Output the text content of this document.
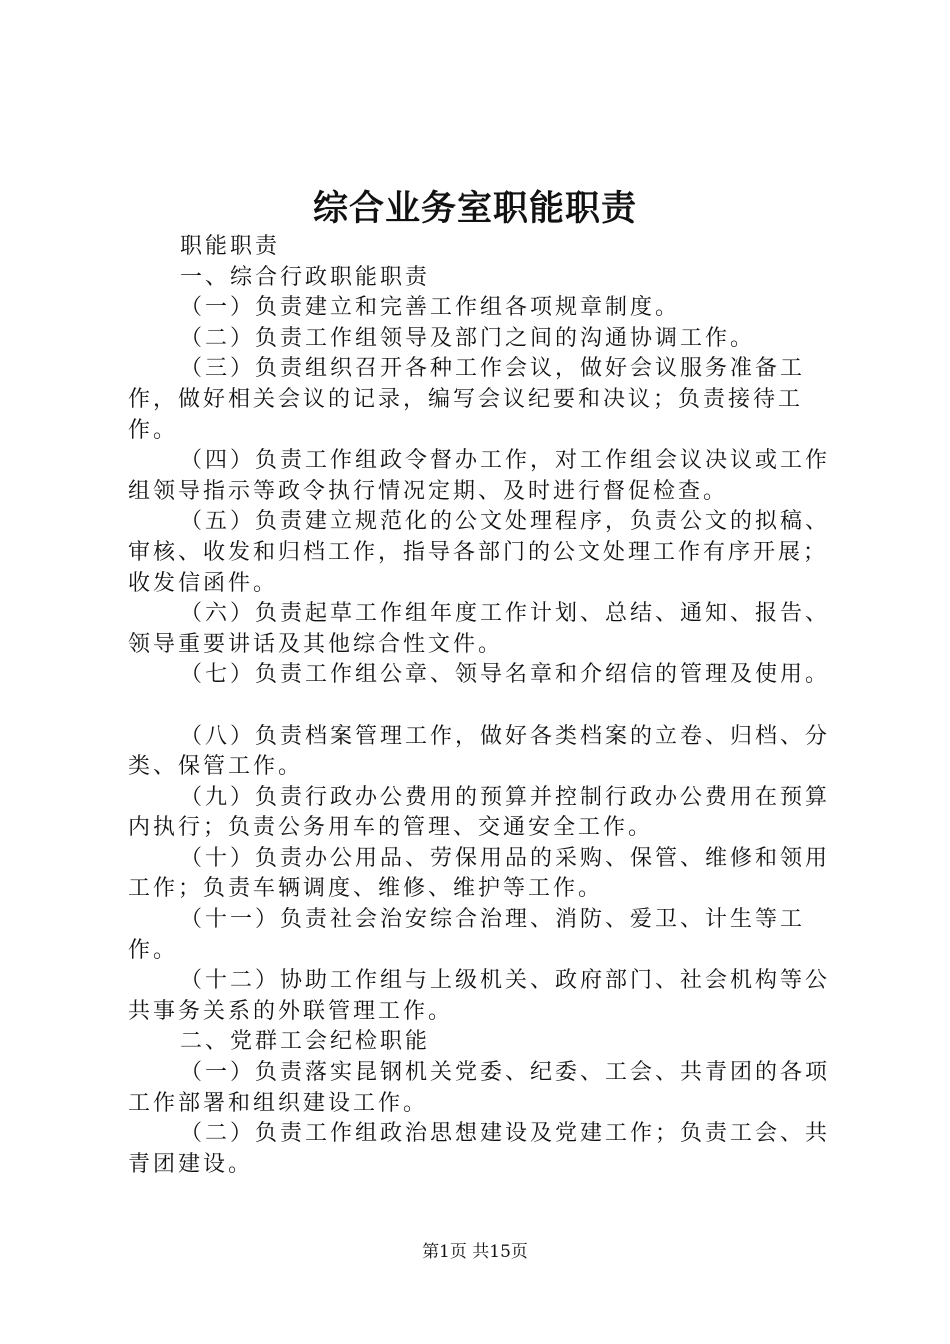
综合业务室职能职责

职能职责

一、综合行政职能职责

（一）负责建立和完善工作组各项规章制度。

（二）负责工作组领导及部门之间的沟通协调工作。

（三）负责组织召开各种工作会议，做好会议服务准备工作，做好相关会议的记录，编写会议纪要和决议；负责接待工作。

（四）负责工作组政令督办工作，对工作组会议决议或工作组领导指示等政令执行情况定期、及时进行督促检查。

（五）负责建立规范化的公文处理程序，负责公文的拟稿、审核、收发和归档工作，指导各部门的公文处理工作有序开展；收发信函件。

（六）负责起草工作组年度工作计划、总结、通知、报告、领导重要讲话及其他综合性文件。

（七）负责工作组公章、领导名章和介绍信的管理及使用。

（八）负责档案管理工作，做好各类档案的立卷、归档、分类、保管工作。

（九）负责行政办公费用的预算并控制行政办公费用在预算内执行；负责公务用车的管理、交通安全工作。

（十）负责办公用品、劳保用品的采购、保管、维修和领用工作；负责车辆调度、维修、维护等工作。

（十一）负责社会治安综合治理、消防、爱卫、计生等工作。

（十二）协助工作组与上级机关、政府部门、社会机构等公共事务关系的外联管理工作。

二、党群工会纪检职能

（一）负责落实昆钢机关党委、纪委、工会、共青团的各项工作部署和组织建设工作。

（二）负责工作组政治思想建设及党建工作；负责工会、共青团建设。

第1页 共15页
